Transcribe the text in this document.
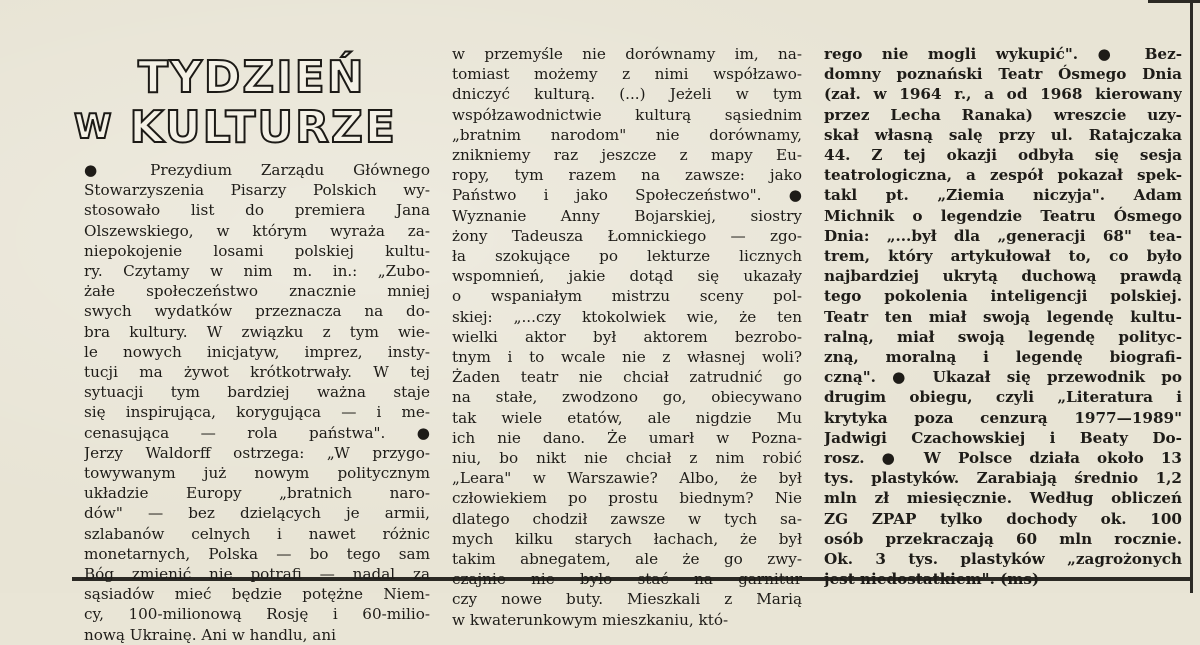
TYDZIEŃ
W KULTURZE
● Prezydium Zarządu Głównego
Stowarzyszenia Pisarzy Polskich wy-
stosowało list do premiera Jana
Olszewskiego, w którym wyraża za-
niepokojenie losami polskiej kultu-
ry. Czytamy w nim m. in.: „Zubo-
żałe społeczeństwo znacznie mniej
swych wydatków przeznacza na do-
bra kultury. W związku z tym wie-
le nowych inicjatyw, imprez, insty-
tucji ma żywot krótkotrwały. W tej
sytuacji tym bardziej ważna staje
się inspirująca, korygująca — i me-
cenasująca — rola państwa". ●
Jerzy Waldorff ostrzega: „W przygo-
towywanym już nowym politycznym
układzie Europy „bratnich naro-
dów" — bez dzielących je armii,
szlabanów celnych i nawet różnic
monetarnych, Polska — bo tego sam
Bóg zmienić nie potrafi — nadal za
sąsiadów mieć będzie potężne Niem-
cy, 100-milionową Rosję i 60-milio-
nową Ukrainę. Ani w handlu, ani
w przemyśle nie dorównamy im, na-
tomiast możemy z nimi współzawo-
dniczyć kulturą. (...) Jeżeli w tym
współzawodnictwie kulturą sąsiednim
„bratnim narodom" nie dorównamy,
znikniemy raz jeszcze z mapy Eu-
ropy, tym razem na zawsze: jako
Państwo i jako Społeczeństwo". ●
Wyznanie Anny Bojarskiej, siostry
żony Tadeusza Łomnickiego — zgo-
ła szokujące po lekturze licznych
wspomnień, jakie dotąd się ukazały
o wspaniałym mistrzu sceny pol-
skiej: „...czy ktokolwiek wie, że ten
wielki aktor był aktorem bezrobo-
tnym i to wcale nie z własnej woli?
Żaden teatr nie chciał zatrudnić go
na stałe, zwodzono go, obiecywano
tak wiele etatów, ale nigdzie Mu
ich nie dano. Że umarł w Pozna-
niu, bo nikt nie chciał z nim robić
„Leara" w Warszawie? Albo, że był
człowiekiem po prostu biednym? Nie
dlatego chodził zawsze w tych sa-
mych kilku starych łachach, że był
takim abnegatem, ale że go zwy-
czajnie nie było stać na garnitur
czy nowe buty. Mieszkali z Marią
w kwaterunkowym mieszkaniu, któ-
rego nie mogli wykupić". ● Bez-
domny poznański Teatr Ósmego Dnia
(zał. w 1964 r., a od 1968 kierowany
przez Lecha Ranaka) wreszcie uzy-
skał własną salę przy ul. Ratajczaka
44. Z tej okazji odbyła się sesja
teatrologiczna, a zespół pokazał spek-
takl pt. „Ziemia niczyja". Adam
Michnik o legendzie Teatru Ósmego
Dnia: „...był dla „generacji 68" tea-
trem, który artykułował to, co było
najbardziej ukrytą duchową prawdą
tego pokolenia inteligencji polskiej.
Teatr ten miał swoją legendę kultu-
ralną, miał swoją legendę polityc-
zną, moralną i legendę biografi-
czną". ● Ukazał się przewodnik po
drugim obiegu, czyli „Literatura i
krytyka poza cenzurą 1977—1989"
Jadwigi Czachowskiej i Beaty Do-
rosz. ● W Polsce działa około 13
tys. plastyków. Zarabiają średnio 1,2
mln zł miesięcznie. Według obliczeń
ZG ZPAP tylko dochody ok. 100
osób przekraczają 60 mln rocznie.
Ok. 3 tys. plastyków „zagrożonych
jest niedostatkiem". (ms)
